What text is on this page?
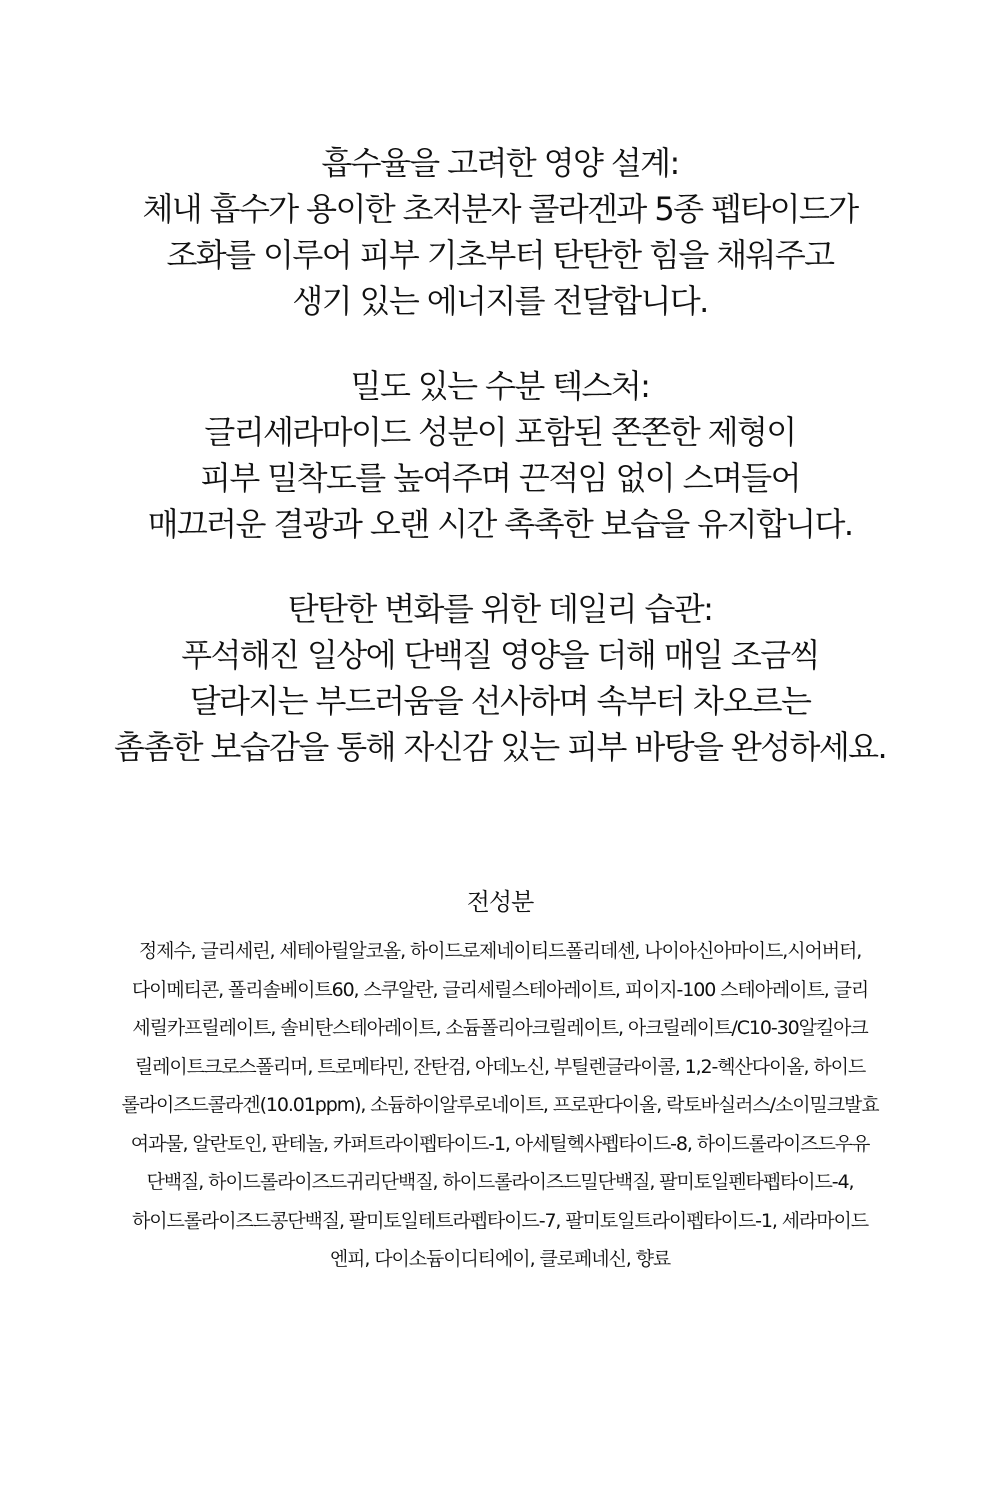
흡수율을 고려한 영양 설계:
체내 흡수가 용이한 초저분자 콜라겐과 5종 펩타이드가
조화를 이루어 피부 기초부터 탄탄한 힘을 채워주고
생기 있는 에너지를 전달합니다.
밀도 있는 수분 텍스처:
글리세라마이드 성분이 포함된 쫀쫀한 제형이
피부 밀착도를 높여주며 끈적임 없이 스며들어
매끄러운 결광과 오랜 시간 촉촉한 보습을 유지합니다.
탄탄한 변화를 위한 데일리 습관:
푸석해진 일상에 단백질 영양을 더해 매일 조금씩
달라지는 부드러움을 선사하며 속부터 차오르는
촘촘한 보습감을 통해 자신감 있는 피부 바탕을 완성하세요.
전성분
정제수, 글리세린, 세테아릴알코올, 하이드로제네이티드폴리데센, 나이아신아마이드,시어버터,
다이메티콘, 폴리솔베이트60, 스쿠알란, 글리세릴스테아레이트, 피이지-100 스테아레이트, 글리
세릴카프릴레이트, 솔비탄스테아레이트, 소듐폴리아크릴레이트, 아크릴레이트/C10-30알킬아크
릴레이트크로스폴리머, 트로메타민, 잔탄검, 아데노신, 부틸렌글라이콜, 1,2-헥산다이올, 하이드
롤라이즈드콜라겐(10.01ppm), 소듐하이알루로네이트, 프로판다이올, 락토바실러스/소이밀크발효
여과물, 알란토인, 판테놀, 카퍼트라이펩타이드-1, 아세틸헥사펩타이드-8, 하이드롤라이즈드우유
단백질, 하이드롤라이즈드귀리단백질, 하이드롤라이즈드밀단백질, 팔미토일펜타펩타이드-4,
하이드롤라이즈드콩단백질, 팔미토일테트라펩타이드-7, 팔미토일트라이펩타이드-1, 세라마이드
엔피, 다이소듐이디티에이, 클로페네신, 향료
